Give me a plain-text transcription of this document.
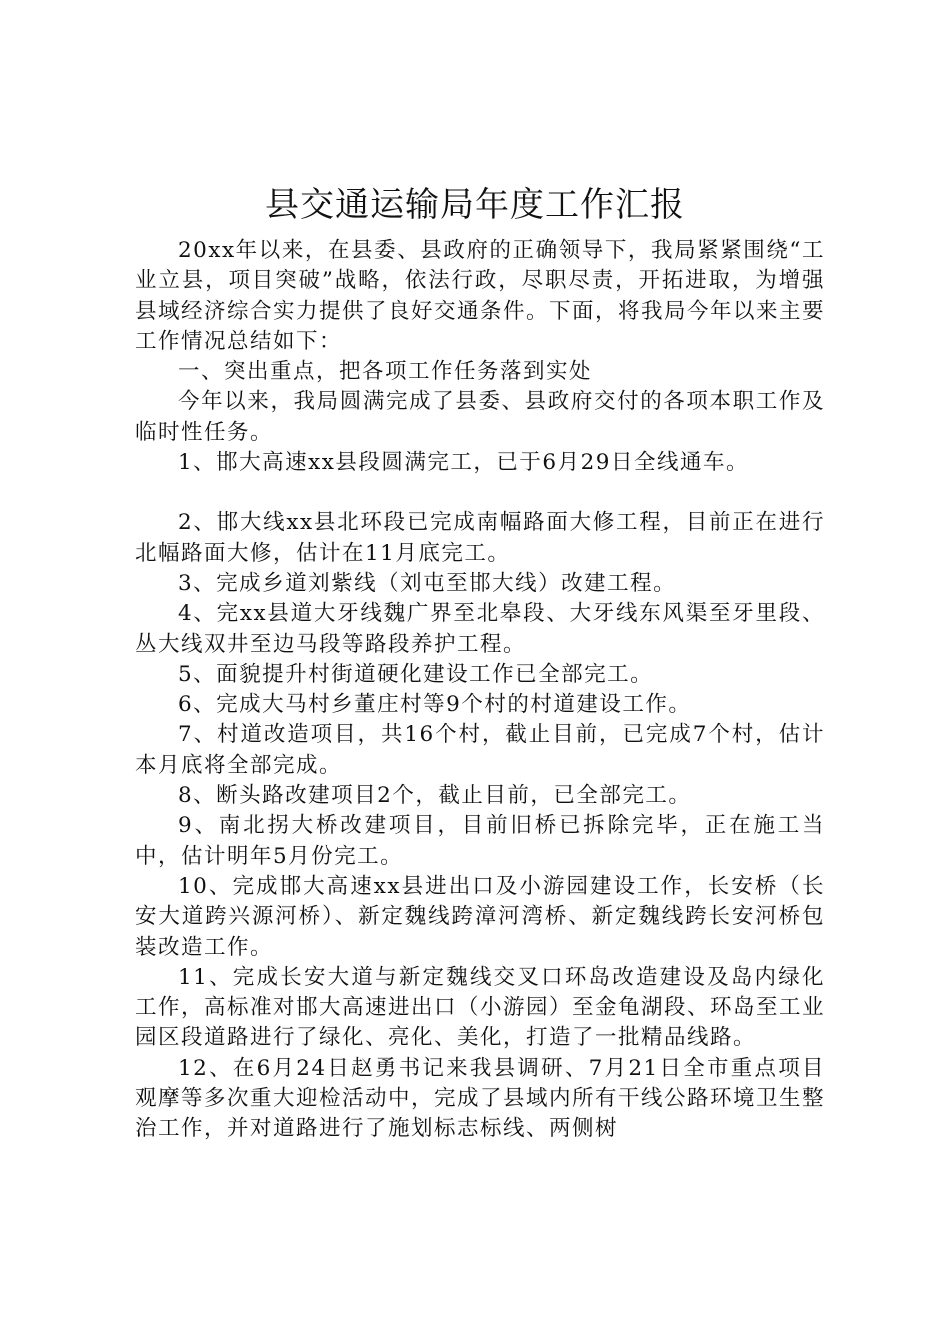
县交通运输局年度工作汇报

20xx年以来，在县委、县政府的正确领导下，我局紧紧围绕“工业立县，项目突破”战略，依法行政，尽职尽责，开拓进取，为增强县域经济综合实力提供了良好交通条件。下面，将我局今年以来主要工作情况总结如下：

一、突出重点，把各项工作任务落到实处

今年以来，我局圆满完成了县委、县政府交付的各项本职工作及临时性任务。

1、邯大高速xx县段圆满完工，已于6月29日全线通车。

2、邯大线xx县北环段已完成南幅路面大修工程，目前正在进行北幅路面大修，估计在11月底完工。

3、完成乡道刘紫线（刘屯至邯大线）改建工程。

4、完xx县道大牙线魏广界至北皋段、大牙线东风渠至牙里段、丛大线双井至边马段等路段养护工程。

5、面貌提升村街道硬化建设工作已全部完工。

6、完成大马村乡董庄村等9个村的村道建设工作。

7、村道改造项目，共16个村，截止目前，已完成7个村，估计本月底将全部完成。

8、断头路改建项目2个，截止目前，已全部完工。

9、南北拐大桥改建项目，目前旧桥已拆除完毕，正在施工当中，估计明年5月份完工。

10、完成邯大高速xx县进出口及小游园建设工作，长安桥（长安大道跨兴源河桥）、新定魏线跨漳河湾桥、新定魏线跨长安河桥包装改造工作。

11、完成长安大道与新定魏线交叉口环岛改造建设及岛内绿化工作，高标准对邯大高速进出口（小游园）至金龟湖段、环岛至工业园区段道路进行了绿化、亮化、美化，打造了一批精品线路。

12、在6月24日赵勇书记来我县调研、7月21日全市重点项目观摩等多次重大迎检活动中，完成了县域内所有干线公路环境卫生整治工作，并对道路进行了施划标志标线、两侧树
